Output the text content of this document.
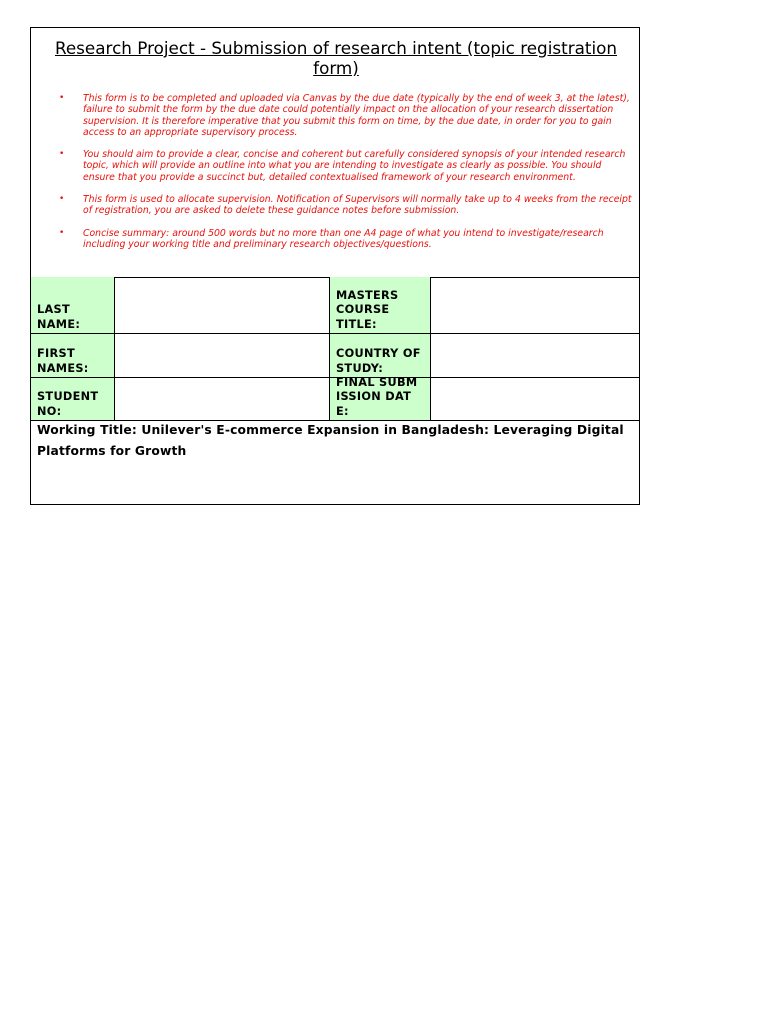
Research Project - Submission of research intent (topic registration form)
• This form is to be completed and uploaded via Canvas by the due date (typically by the end of week 3, at the latest), failure to submit the form by the due date could potentially impact on the allocation of your research dissertation supervision. It is therefore imperative that you submit this form on time, by the due date, in order for you to gain access to an appropriate supervisory process.
• You should aim to provide a clear, concise and coherent but carefully considered synopsis of your intended research topic, which will provide an outline into what you are intending to investigate as clearly as possible. You should ensure that you provide a succinct but, detailed contextualised framework of your research environment.
• This form is used to allocate supervision. Notification of Supervisors will normally take up to 4 weeks from the receipt of registration, you are asked to delete these guidance notes before submission.
• Concise summary: around 500 words but no more than one A4 page of what you intend to investigate/research including your working title and preliminary research objectives/questions.
LAST NAME:
MASTERS COURSE TITLE:
FIRST NAMES:
COUNTRY OF STUDY:
STUDENT NO:
FINAL SUBMISSION DATE:
Working Title: Unilever's E-commerce Expansion in Bangladesh: Leveraging Digital Platforms for Growth
